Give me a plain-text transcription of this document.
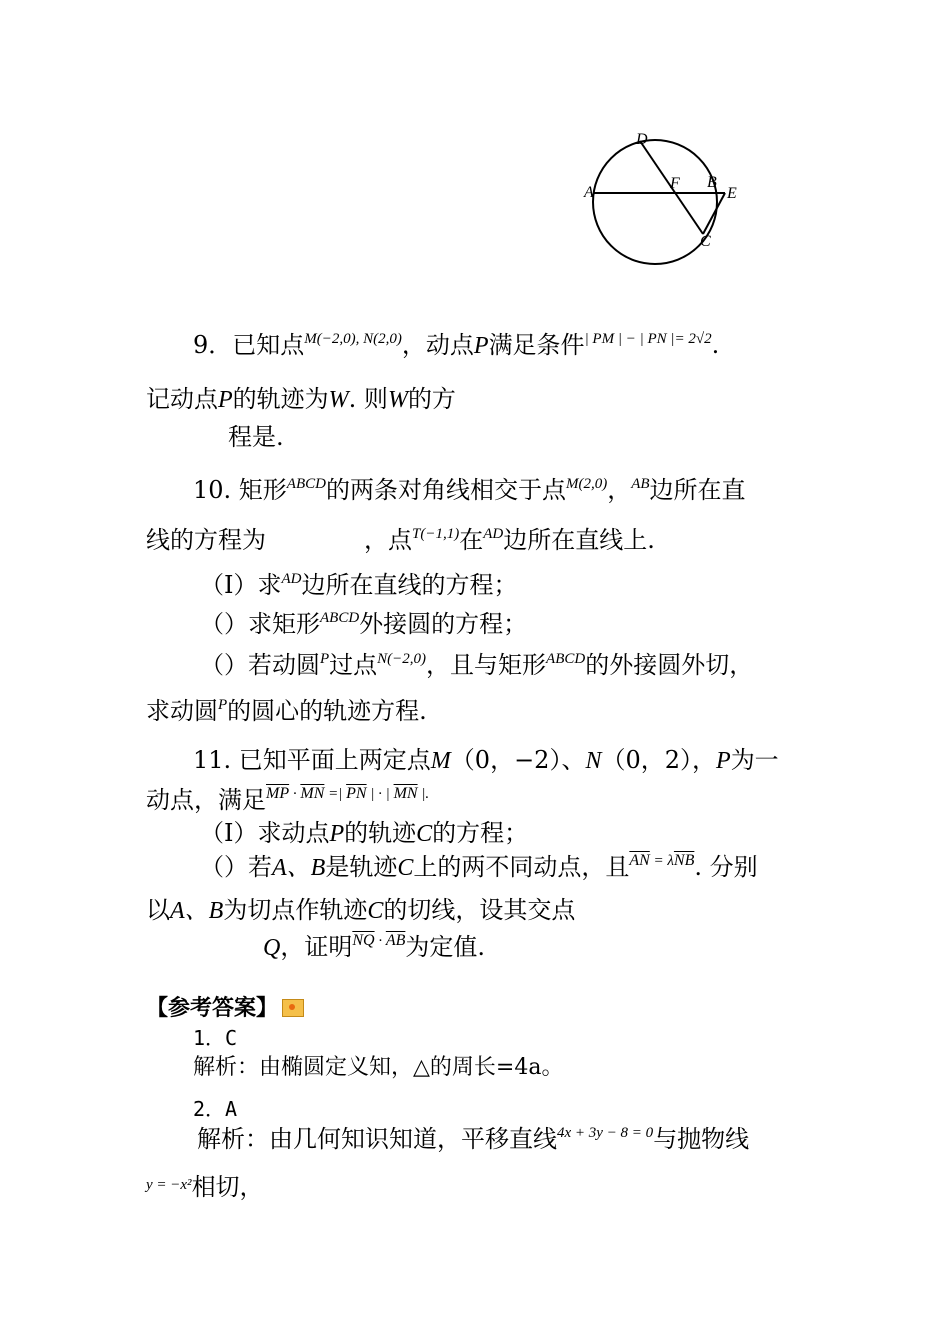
D
A
F B
E
C
9．已知点$^{M(-2,0), N(2,0)}$，动点P满足条件$^{| PM | - | PN |= 2√2}$.
记动点P的轨迹为W. 则W的方
程是.
10. 矩形$^{ABCD}$的两条对角线相交于点$^{M(2,0)}$，$^{AB}$边所在直
线的方程为	，点$^{T(-1,1)}$在$^{AD}$边所在直线上.
（I）求$^{AD}$边所在直线的方程；
（）求矩形$^{ABCD}$外接圆的方程；
（）若动圆$^P$过点$^{N(-2,0)}$，且与矩形$^{ABCD}$的外接圆外切，
求动圆$^P$的圆心的轨迹方程.
11. 已知平面上两定点M（0，−2）、N（0，2），P为一
动点，满足$^{\overline{MP}}$ · $^{\overline{MN}}$ =| $^{\overline{PN}}$ | · | $^{\overline{MN}}$ |.
（I）求动点P的轨迹C的方程；
（）若A、B是轨迹C上的两不同动点，且$^{\overline{AN}}$ $^{= \lambda\overline{NB}}$. 分别
以A、B为切点作轨迹C的切线，设其交点
Q，证明$^{\overline{NQ}}$ · $^{\overline{AB}}$为定值.
【参考答案】
1．C
解析：由椭圆定义知，△的周长=4a。
2．A
解析：由几何知识知道，平移直线$^{4x + 3y - 8 = 0}$与抛物线
$^{y = -x^2}$相切，
